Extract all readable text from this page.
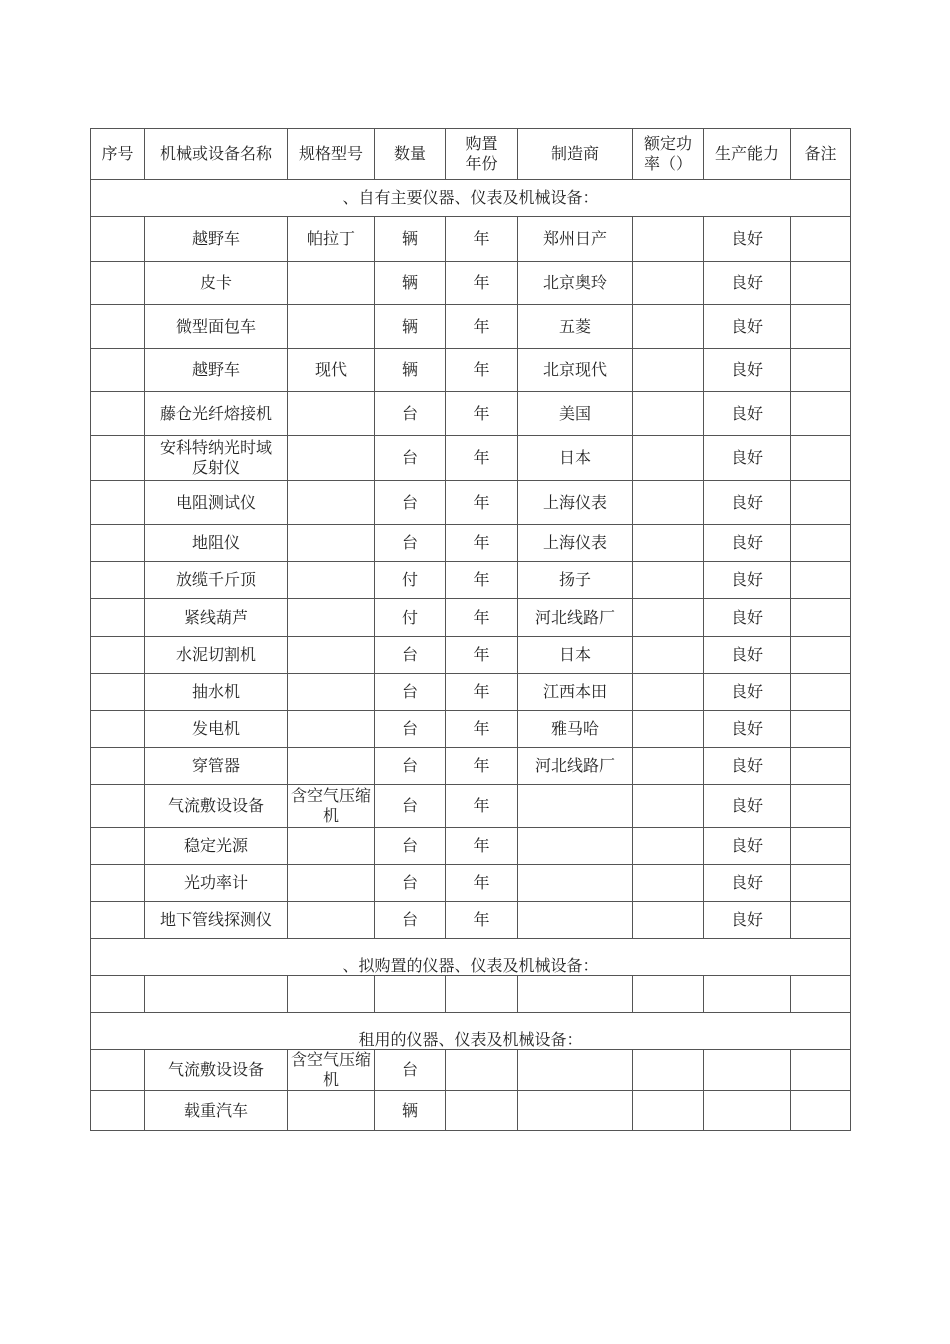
序号	机械或设备名称	规格型号	数量	购置年份	制造商	额定功率（）	生产能力	备注
、自有主要仪器、仪表及机械设备：								
	越野车	帕拉丁	辆	年	郑州日产		良好	
	皮卡		辆	年	北京奥玲		良好	
	微型面包车		辆	年	五菱		良好	
	越野车	现代	辆	年	北京现代		良好	
	藤仓光纤熔接机		台	年	美国		良好	
	安科特纳光时域反射仪		台	年	日本		良好	
	电阻测试仪		台	年	上海仪表		良好	
	地阻仪		台	年	上海仪表		良好	
	放缆千斤顶		付	年	扬子		良好	
	紧线葫芦		付	年	河北线路厂		良好	
	水泥切割机		台	年	日本		良好	
	抽水机		台	年	江西本田		良好	
	发电机		台	年	雅马哈		良好	
	穿管器		台	年	河北线路厂		良好	
	气流敷设设备	含空气压缩机	台	年			良好	
	稳定光源		台	年			良好	
	光功率计		台	年			良好	
	地下管线探测仪		台	年			良好	
、拟购置的仪器、仪表及机械设备：								

租用的仪器、仪表及机械设备：								
	气流敷设设备	含空气压缩机	台					
	载重汽车		辆					
